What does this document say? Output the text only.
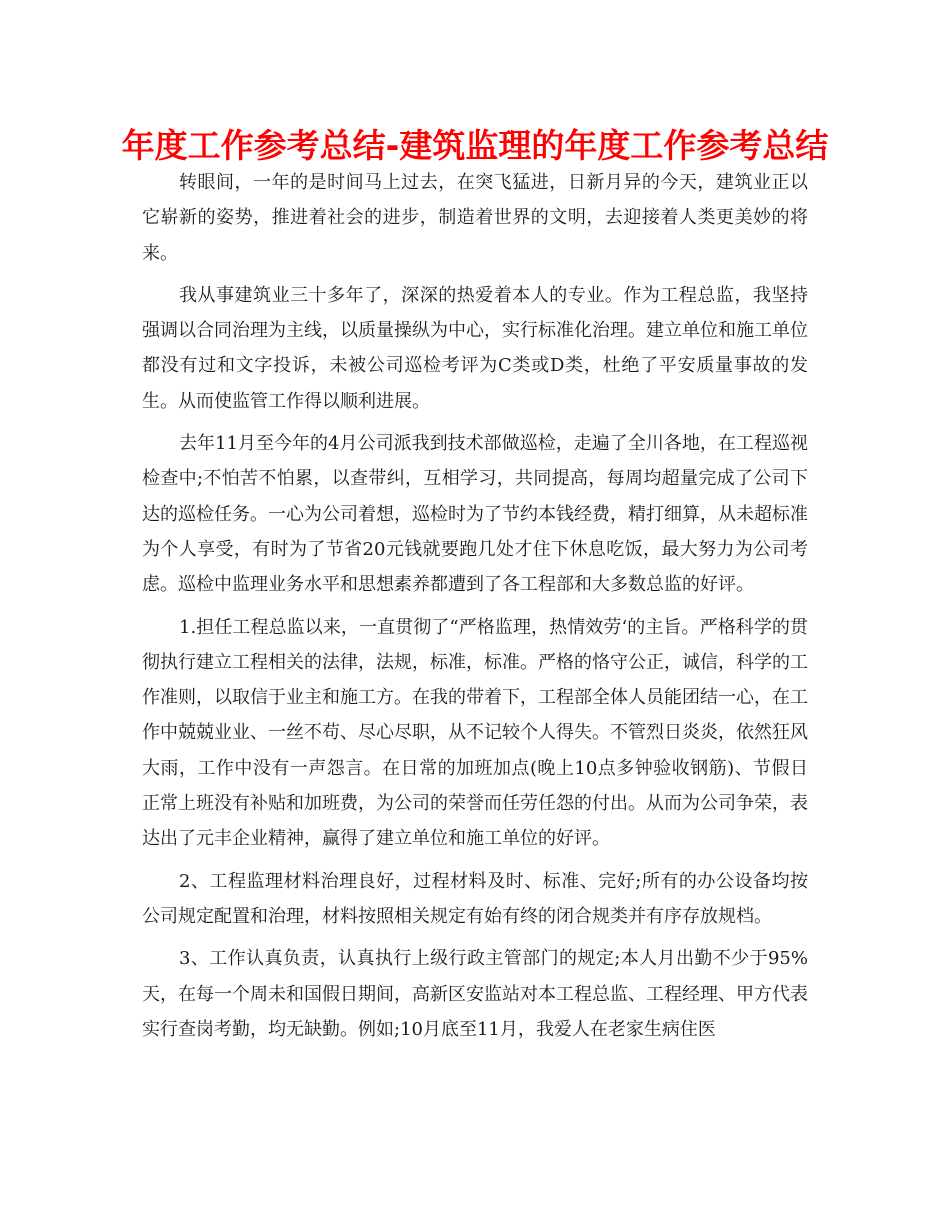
年度工作参考总结-建筑监理的年度工作参考总结

转眼间，一年的是时间马上过去，在突飞猛进，日新月异的今天，建筑业正以它崭新的姿势，推进着社会的进步，制造着世界的文明，去迎接着人类更美妙的将来。

我从事建筑业三十多年了，深深的热爱着本人的专业。作为工程总监，我坚持强调以合同治理为主线，以质量操纵为中心，实行标准化治理。建立单位和施工单位都没有过和文字投诉，未被公司巡检考评为C类或D类，杜绝了平安质量事故的发生。从而使监管工作得以顺利进展。

去年11月至今年的4月公司派我到技术部做巡检，走遍了全川各地，在工程巡视检查中;不怕苦不怕累，以查带纠，互相学习，共同提高，每周均超量完成了公司下达的巡检任务。一心为公司着想，巡检时为了节约本钱经费，精打细算，从未超标准为个人享受，有时为了节省20元钱就要跑几处才住下休息吃饭，最大努力为公司考虑。巡检中监理业务水平和思想素养都遭到了各工程部和大多数总监的好评。

1.担任工程总监以来，一直贯彻了“严格监理，热情效劳‘的主旨。严格科学的贯彻执行建立工程相关的法律，法规，标准，标准。严格的恪守公正，诚信，科学的工作准则，以取信于业主和施工方。在我的带着下，工程部全体人员能团结一心，在工作中兢兢业业、一丝不苟、尽心尽职，从不记较个人得失。不管烈日炎炎，依然狂风大雨，工作中没有一声怨言。在日常的加班加点(晚上10点多钟验收钢筋)、节假日正常上班没有补贴和加班费，为公司的荣誉而任劳任怨的付出。从而为公司争荣，表达出了元丰企业精神，赢得了建立单位和施工单位的好评。

2、工程监理材料治理良好，过程材料及时、标准、完好;所有的办公设备均按公司规定配置和治理，材料按照相关规定有始有终的闭合规类并有序存放规档。

3、工作认真负责，认真执行上级行政主管部门的规定;本人月出勤不少于95%天，在每一个周未和国假日期间，高新区安监站对本工程总监、工程经理、甲方代表实行查岗考勤，均无缺勤。例如;10月底至11月，我爱人在老家生病住医
